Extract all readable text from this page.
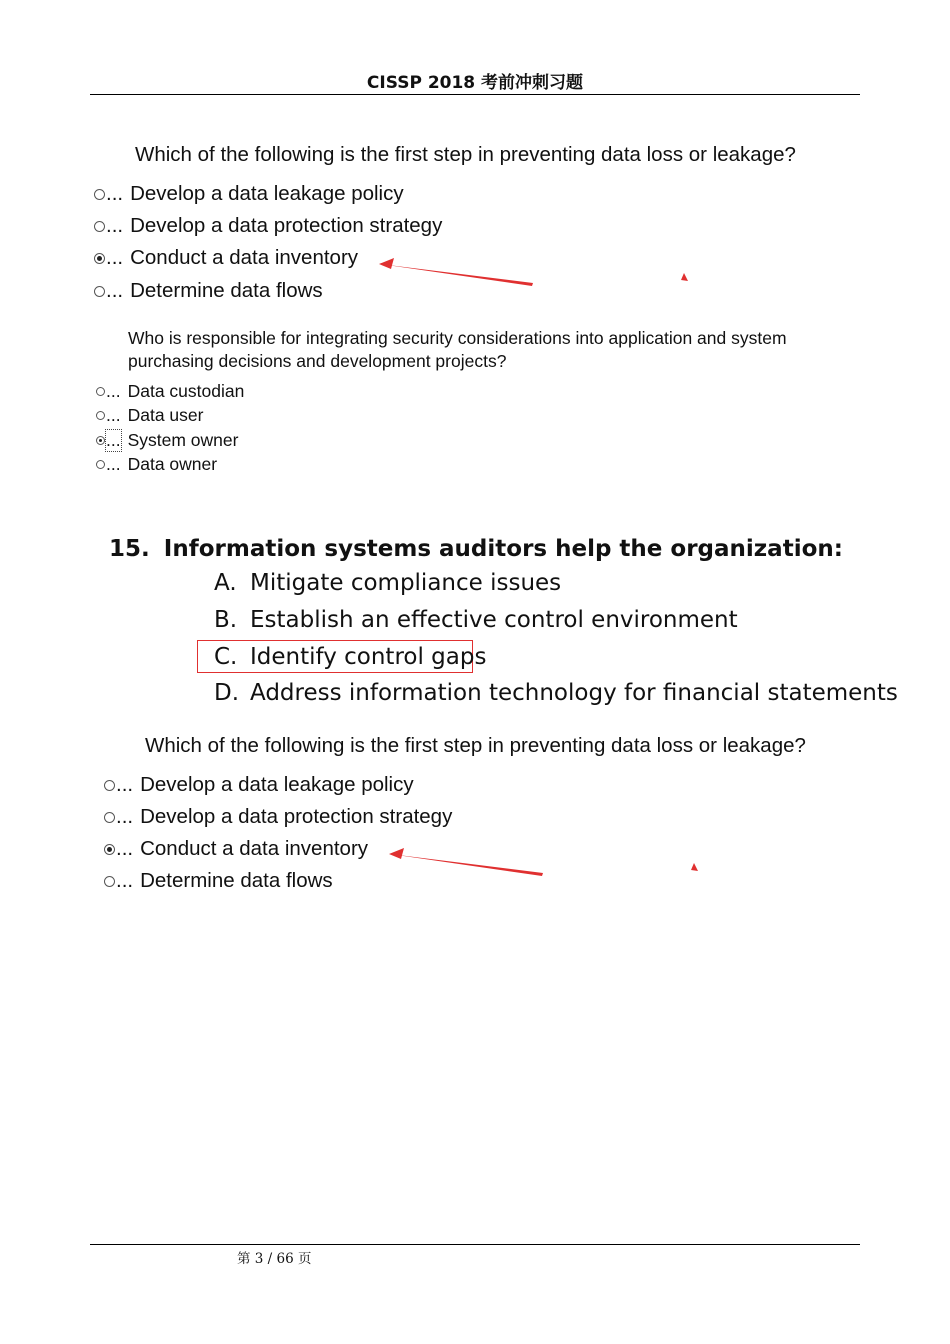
CISSP 2018 考前冲刺习题
Which of the following is the first step in preventing data loss or leakage?
... Develop a data leakage policy
... Develop a data protection strategy
... Conduct a data inventory
... Determine data flows
Who is responsible for integrating security considerations into application and system
purchasing decisions and development projects?
... Data custodian
... Data user
... System owner
... Data owner
15. Information systems auditors help the organization:
A. Mitigate compliance issues
B. Establish an effective control environment
C. Identify control gaps
D. Address information technology for financial statements
Which of the following is the first step in preventing data loss or leakage?
... Develop a data leakage policy
... Develop a data protection strategy
... Conduct a data inventory
... Determine data flows
第 3 / 66 页
